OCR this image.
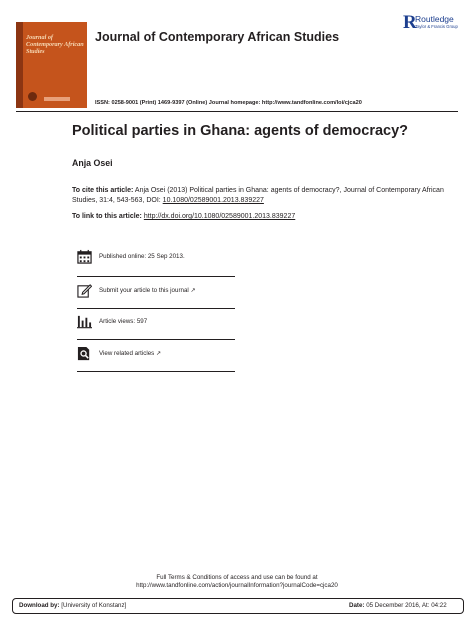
Journal of Contemporary African Studies
Journal of Contemporary African Studies
R
Routledge
Taylor & Francis Group
ISSN: 0258-9001 (Print) 1469-9397 (Online) Journal homepage: http://www.tandfonline.com/loi/cjca20
Political parties in Ghana: agents of democracy?
Anja Osei
To cite this article: Anja Osei (2013) Political parties in Ghana: agents of democracy?, Journal of Contemporary African Studies, 31:4, 543-563, DOI: 10.1080/02589001.2013.839227
To link to this article: http://dx.doi.org/10.1080/02589001.2013.839227
Published online: 25 Sep 2013.
Submit your article to this journal ↗
Article views: 597
View related articles ↗
Full Terms & Conditions of access and use can be found at
http://www.tandfonline.com/action/journalInformation?journalCode=cjca20
Download by: [University of Konstanz]	Date: 05 December 2016, At: 04:22
